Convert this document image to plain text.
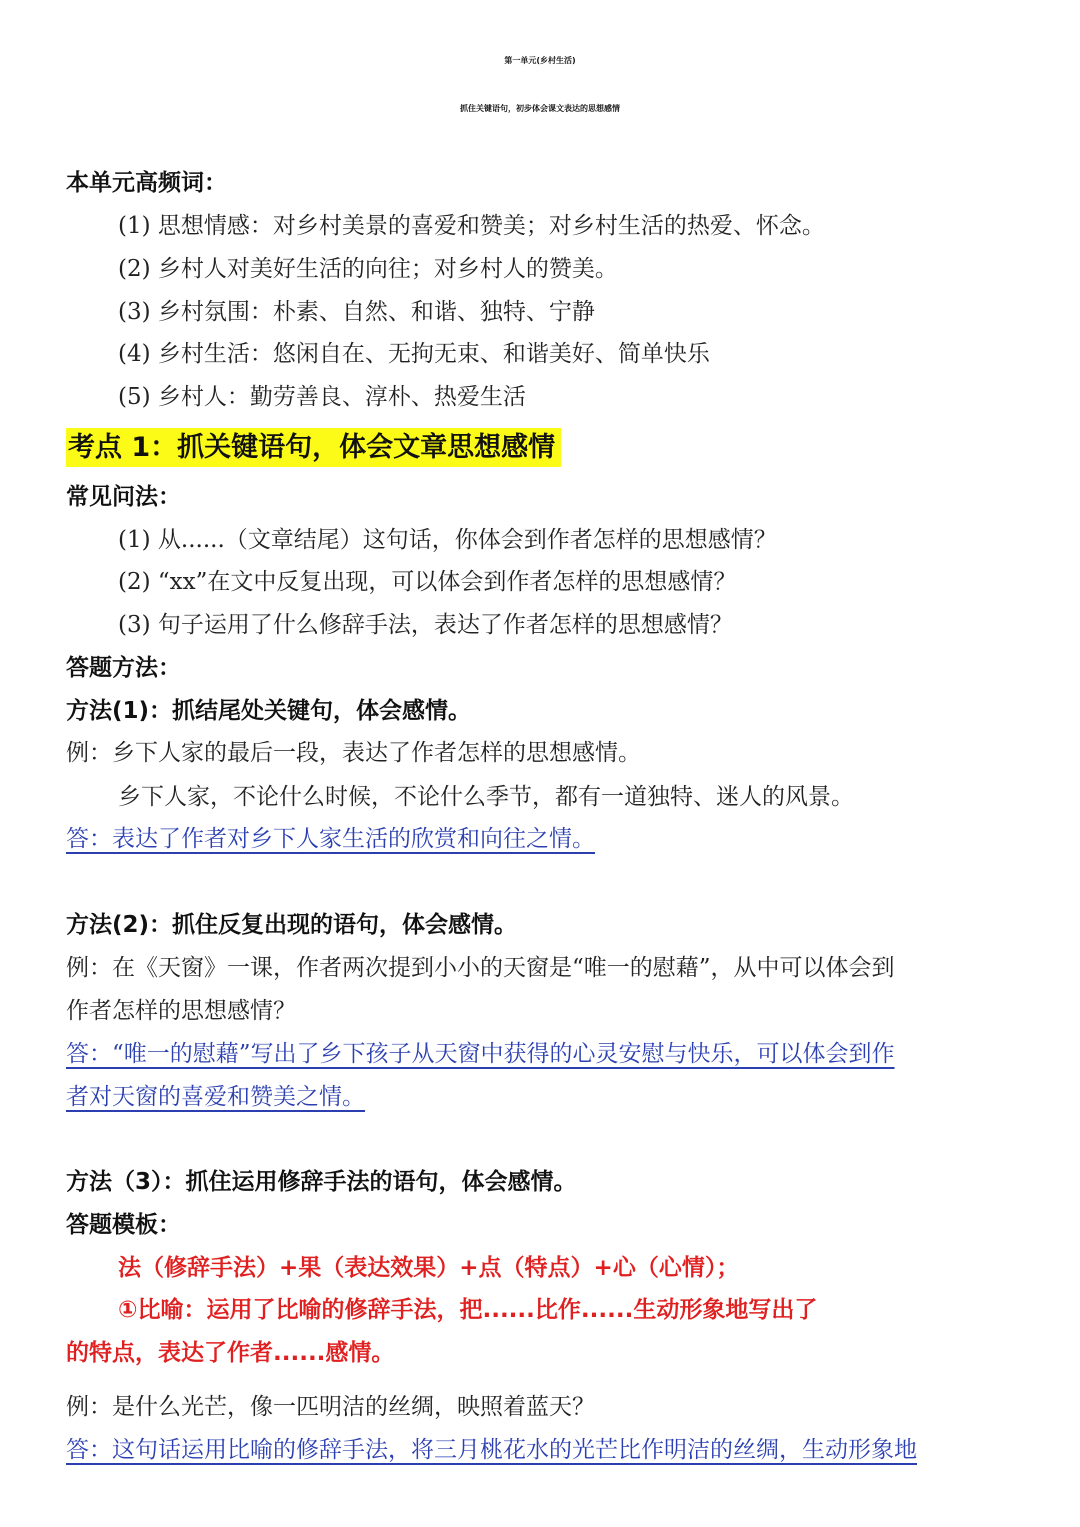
第一单元(乡村生活)
抓住关键语句，初步体会课文表达的思想感情
本单元高频词：
(1) 思想情感：对乡村美景的喜爱和赞美；对乡村生活的热爱、怀念。
(2) 乡村人对美好生活的向往；对乡村人的赞美。
(3) 乡村氛围：朴素、自然、和谐、独特、宁静
(4) 乡村生活：悠闲自在、无拘无束、和谐美好、简单快乐
(5) 乡村人：勤劳善良、淳朴、热爱生活
考点 1：抓关键语句，体会文章思想感情
常见问法：
(1) 从......（文章结尾）这句话，你体会到作者怎样的思想感情？
(2) “xx”在文中反复出现，可以体会到作者怎样的思想感情？
(3) 句子运用了什么修辞手法，表达了作者怎样的思想感情？
答题方法：
方法(1)：抓结尾处关键句，体会感情。
例：乡下人家的最后一段，表达了作者怎样的思想感情。
乡下人家，不论什么时候，不论什么季节，都有一道独特、迷人的风景。
答：表达了作者对乡下人家生活的欣赏和向往之情。
方法(2)：抓住反复出现的语句，体会感情。
例：在《天窗》一课，作者两次提到小小的天窗是“唯一的慰藉”，从中可以体会到
作者怎样的思想感情？
答：“唯一的慰藉”写出了乡下孩子从天窗中获得的心灵安慰与快乐，可以体会到作
者对天窗的喜爱和赞美之情。
方法（3）：抓住运用修辞手法的语句，体会感情。
答题模板：
法（修辞手法）+果（表达效果）+点（特点）+心（心情）；
①比喻：运用了比喻的修辞手法，把......比作......生动形象地写出了
的特点，表达了作者......感情。
例：是什么光芒，像一匹明洁的丝绸，映照着蓝天？
答：这句话运用比喻的修辞手法，将三月桃花水的光芒比作明洁的丝绸，生动形象地
